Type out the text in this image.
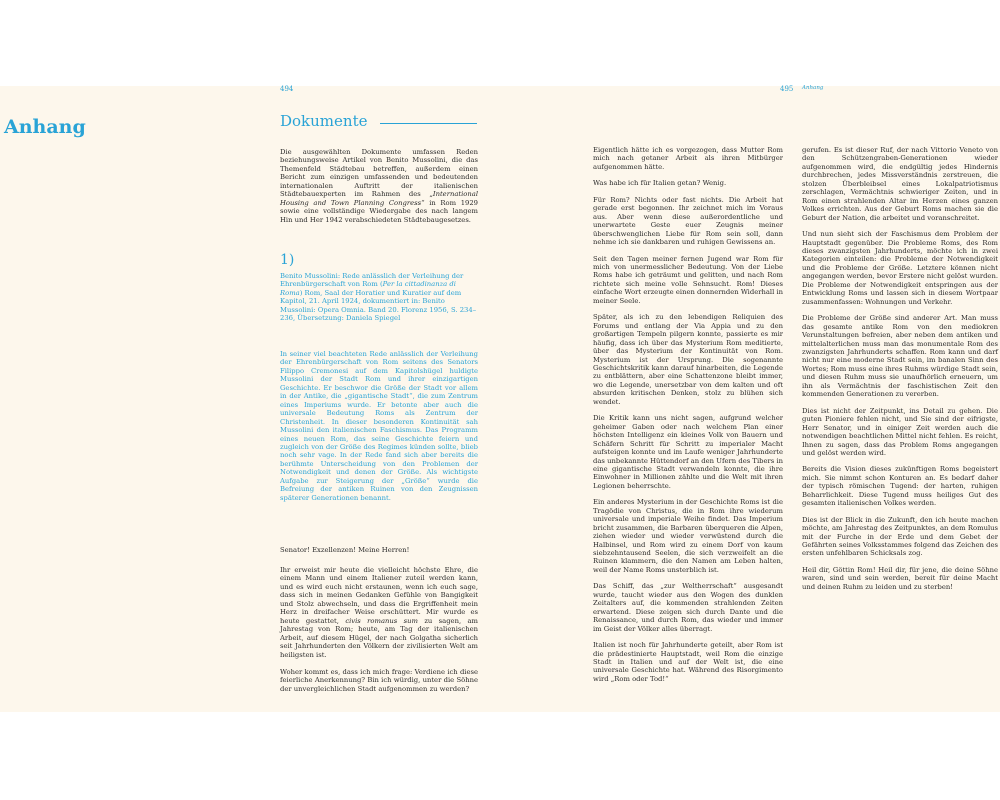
494	495 Anhang
Anhang	Dokumente
Die ausgewählten Dokumente umfassen Reden beziehungsweise Artikel von Benito Mussolini, die das Themenfeld Städtebau betreffen, außerdem einen Bericht zum einzigen umfassenden und bedeutenden internationalen Auftritt der italienischen Städtebauexperten im Rahmen des „International Housing and Town Planning Congress“ in Rom 1929 sowie eine vollständige Wiedergabe des nach langem Hin und Her 1942 verabschiedeten Städtebaugesetzes.
1)
Benito Mussolini: Rede anlässlich der Verleihung der Ehrenbürgerschaft von Rom (Per la cittadinanza di Roma) Rom, Saal der Horatier und Kuratier auf dem Kapitol, 21. April 1924, dokumentiert in: Benito Mussolini: Opera Omnia. Band 20. Florenz 1956, S. 234–236, Übersetzung: Daniela Spiegel
In seiner viel beachteten Rede anlässlich der Verleihung der Ehrenbürgerschaft von Rom seitens des Senators Filippo Cremonesi auf dem Kapitolshügel huldigte Mussolini der Stadt Rom und ihrer einzigartigen Geschichte. Er beschwor die Größe der Stadt vor allem in der Antike, die „gigantische Stadt“, die zum Zentrum eines Imperiums wurde. Er betonte aber auch die universale Bedeutung Roms als Zentrum der Christenheit. In dieser besonderen Kontinuität sah Mussolini den italienischen Faschismus. Das Programm eines neuen Rom, das seine Geschichte feiern und zugleich von der Größe des Regimes künden sollte, blieb noch sehr vage. In der Rede fand sich aber bereits die berühmte Unterscheidung von den Problemen der Notwendigkeit und denen der Größe. Als wichtigste Aufgabe zur Steigerung der „Größe“ wurde die Befreiung der antiken Ruinen von den Zeugnissen späterer Generationen benannt.
Senator! Exzellenzen! Meine Herren!

Ihr erweist mir heute die vielleicht höchste Ehre, die einem Mann und einem Italiener zuteil werden kann, und es wird euch nicht erstaunen, wenn ich euch sage, dass sich in meinen Gedanken Gefühle von Bangigkeit und Stolz abwechseln, und dass die Ergriffenheit mein Herz in dreifacher Weise erschüttert. Mir wurde es heute gestattet, civis romanus sum zu sagen, am Jahrestag von Rom; heute, am Tag der italienischen Arbeit, auf diesem Hügel, der nach Golgatha sicherlich seit Jahrhunderten den Völkern der zivilisierten Welt am heiligsten ist.

Woher kommt es, dass ich mich frage: Verdiene ich diese feierliche Anerkennung? Bin ich würdig, unter die Söhne der unvergleichlichen Stadt aufgenommen zu werden?

Eigentlich hätte ich es vorgezogen, dass Mutter Rom mich nach getaner Arbeit als ihren Mitbürger aufgenommen hätte.

Was habe ich für Italien getan? Wenig.

Für Rom? Nichts oder fast nichts. Die Arbeit hat gerade erst begonnen. Ihr zeichnet mich im Voraus aus. Aber wenn diese außerordentliche und unerwartete Geste euer Zeugnis meiner überschwenglichen Liebe für Rom sein soll, dann nehme ich sie dankbaren und ruhigen Gewissens an.

Seit den Tagen meiner fernen Jugend war Rom für mich von unermesslicher Bedeutung. Von der Liebe Roms habe ich geträumt und gelitten, und nach Rom richtete sich meine volle Sehnsucht. Rom! Dieses einfache Wort erzeugte einen donnernden Widerhall in meiner Seele.

Später, als ich zu den lebendigen Reliquien des Forums und entlang der Via Appia und zu den großartigen Tempeln pilgern konnte, passierte es mir häufig, dass ich über das Mysterium Rom meditierte, über das Mysterium der Kontinuität von Rom. Mysterium ist der Ursprung. Die sogenannte Geschichtskritik kann darauf hinarbeiten, die Legende zu entblättern, aber eine Schattenzone bleibt immer, wo die Legende, unersetzbar von dem kalten und oft absurden kritischen Denken, stolz zu blühen sich wendet.

Die Kritik kann uns nicht sagen, aufgrund welcher geheimer Gaben oder nach welchem Plan einer höchsten Intelligenz ein kleines Volk von Bauern und Schäfern Schritt für Schritt zu imperialer Macht aufsteigen konnte und im Laufe weniger Jahrhunderte das unbekannte Hüttendorf an den Ufern des Tibers in eine gigantische Stadt verwandeln konnte, die ihre Einwohner in Millionen zählte und die Welt mit ihren Legionen beherrschte.

Ein anderes Mysterium in der Geschichte Roms ist die Tragödie von Christus, die in Rom ihre wiederum universale und imperiale Weihe findet. Das Imperium bricht zusammen, die Barbaren überqueren die Alpen, ziehen wieder und wieder verwüstend durch die Halbinsel, und Rom wird zu einem Dorf von kaum siebzehntausend Seelen, die sich verzweifelt an die Ruinen klammern, die den Namen am Leben halten, weil der Name Roms unsterblich ist.

Das Schiff, das „zur Weltherrschaft“ ausgesandt wurde, taucht wieder aus den Wogen des dunklen Zeitalters auf, die kommenden strahlenden Zeiten erwartend. Diese zeigen sich durch Dante und die Renaissance, und durch Rom, das wieder und immer im Geist der Völker alles überragt.

Italien ist noch für Jahrhunderte geteilt, aber Rom ist die prädestinierte Hauptstadt, weil Rom die einzige Stadt in Italien und auf der Welt ist, die eine universale Geschichte hat. Während des Risorgimento wird „Rom oder Tod!“

gerufen. Es ist dieser Ruf, der nach Vittorio Veneto von den Schützengraben-Generationen wieder aufgenommen wird, die endgültig jedes Hindernis durchbrechen, jedes Missverständnis zerstreuen, die stolzen Überbleibsel eines Lokalpatriotismus zerschlagen, Vermächtnis schwieriger Zeiten, und in Rom einen strahlenden Altar im Herzen eines ganzen Volkes errichten. Aus der Geburt Roms machen sie die Geburt der Nation, die arbeitet und voranschreitet.

Und nun sieht sich der Faschismus dem Problem der Hauptstadt gegenüber. Die Probleme Roms, des Rom dieses zwanzigsten Jahrhunderts, möchte ich in zwei Kategorien einteilen: die Probleme der Notwendigkeit und die Probleme der Größe. Letztere können nicht angegangen werden, bevor Erstere nicht gelöst wurden. Die Probleme der Notwendigkeit entspringen aus der Entwicklung Roms und lassen sich in diesem Wortpaar zusammenfassen: Wohnungen und Verkehr.

Die Probleme der Größe sind anderer Art. Man muss das gesamte antike Rom von den mediokren Verunstaltungen befreien, aber neben dem antiken und mittelalterlichen muss man das monumentale Rom des zwanzigsten Jahrhunderts schaffen. Rom kann und darf nicht nur eine moderne Stadt sein, im banalen Sinn des Wortes; Rom muss eine ihres Ruhms würdige Stadt sein, und diesen Ruhm muss sie unaufhörlich erneuern, um ihn als Vermächtnis der faschistischen Zeit den kommenden Generationen zu vererben.

Dies ist nicht der Zeitpunkt, ins Detail zu gehen. Die guten Pioniere fehlen nicht, und Sie sind der eifrigste, Herr Senator, und in einiger Zeit werden auch die notwendigen beachtlichen Mittel nicht fehlen. Es reicht, Ihnen zu sagen, dass das Problem Roms angegangen und gelöst werden wird.

Bereits die Vision dieses zukünftigen Roms begeistert mich. Sie nimmt schon Konturen an. Es bedarf daher der typisch römischen Tugend: der harten, ruhigen Beharrlichkeit. Diese Tugend muss heiliges Gut des gesamten italienischen Volkes werden.

Dies ist der Blick in die Zukunft, den ich heute machen möchte, am Jahrestag des Zeitpunktes, an dem Romulus mit der Furche in der Erde und dem Gebet der Gefährten seines Volksstammes folgend das Zeichen des ersten unfehlbaren Schicksals zog.

Heil dir, Göttin Rom! Heil dir, für jene, die deine Söhne waren, sind und sein werden, bereit für deine Macht und deinen Ruhm zu leiden und zu sterben!
